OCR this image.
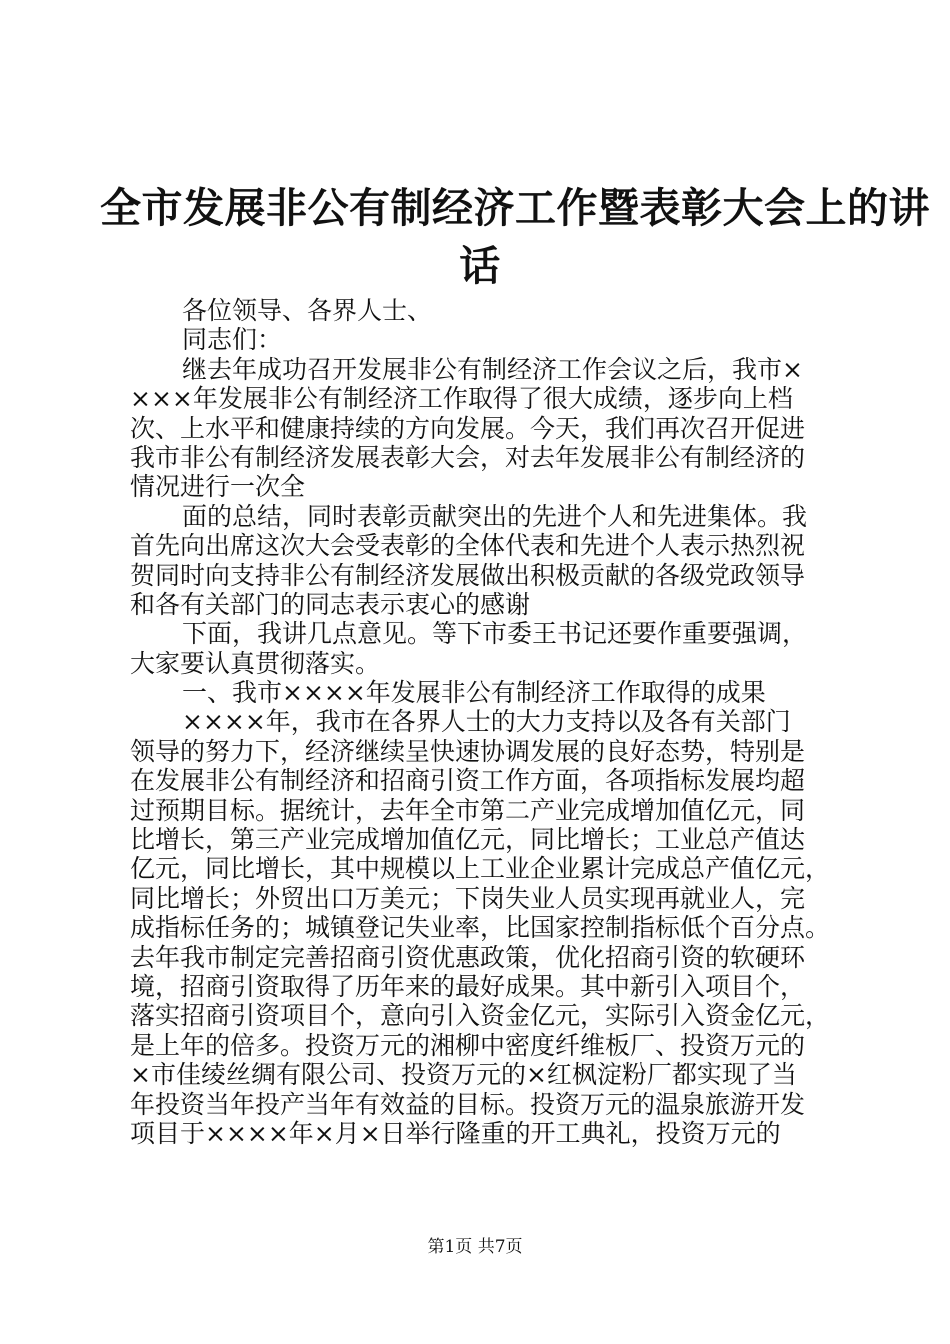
全市发展非公有制经济工作暨表彰大会上的讲
话
各位领导、各界人士、
同志们：
继去年成功召开发展非公有制经济工作会议之后，我市×
×××年发展非公有制经济工作取得了很大成绩，逐步向上档
次、上水平和健康持续的方向发展。今天，我们再次召开促进
我市非公有制经济发展表彰大会，对去年发展非公有制经济的
情况进行一次全
面的总结，同时表彰贡献突出的先进个人和先进集体。我
首先向出席这次大会受表彰的全体代表和先进个人表示热烈祝
贺同时向支持非公有制经济发展做出积极贡献的各级党政领导
和各有关部门的同志表示衷心的感谢
下面，我讲几点意见。等下市委王书记还要作重要强调，
大家要认真贯彻落实。
一、我市××××年发展非公有制经济工作取得的成果
××××年，我市在各界人士的大力支持以及各有关部门
领导的努力下，经济继续呈快速协调发展的良好态势，特别是
在发展非公有制经济和招商引资工作方面，各项指标发展均超
过预期目标。据统计，去年全市第二产业完成增加值亿元，同
比增长，第三产业完成增加值亿元，同比增长；工业总产值达
亿元，同比增长，其中规模以上工业企业累计完成总产值亿元，
同比增长；外贸出口万美元；下岗失业人员实现再就业人，完
成指标任务的；城镇登记失业率，比国家控制指标低个百分点。
去年我市制定完善招商引资优惠政策，优化招商引资的软硬环
境，招商引资取得了历年来的最好成果。其中新引入项目个，
落实招商引资项目个，意向引入资金亿元，实际引入资金亿元，
是上年的倍多。投资万元的湘柳中密度纤维板厂、投资万元的
×市佳绫丝绸有限公司、投资万元的×红枫淀粉厂都实现了当
年投资当年投产当年有效益的目标。投资万元的温泉旅游开发
项目于××××年×月×日举行隆重的开工典礼，投资万元的
第1页 共7页
